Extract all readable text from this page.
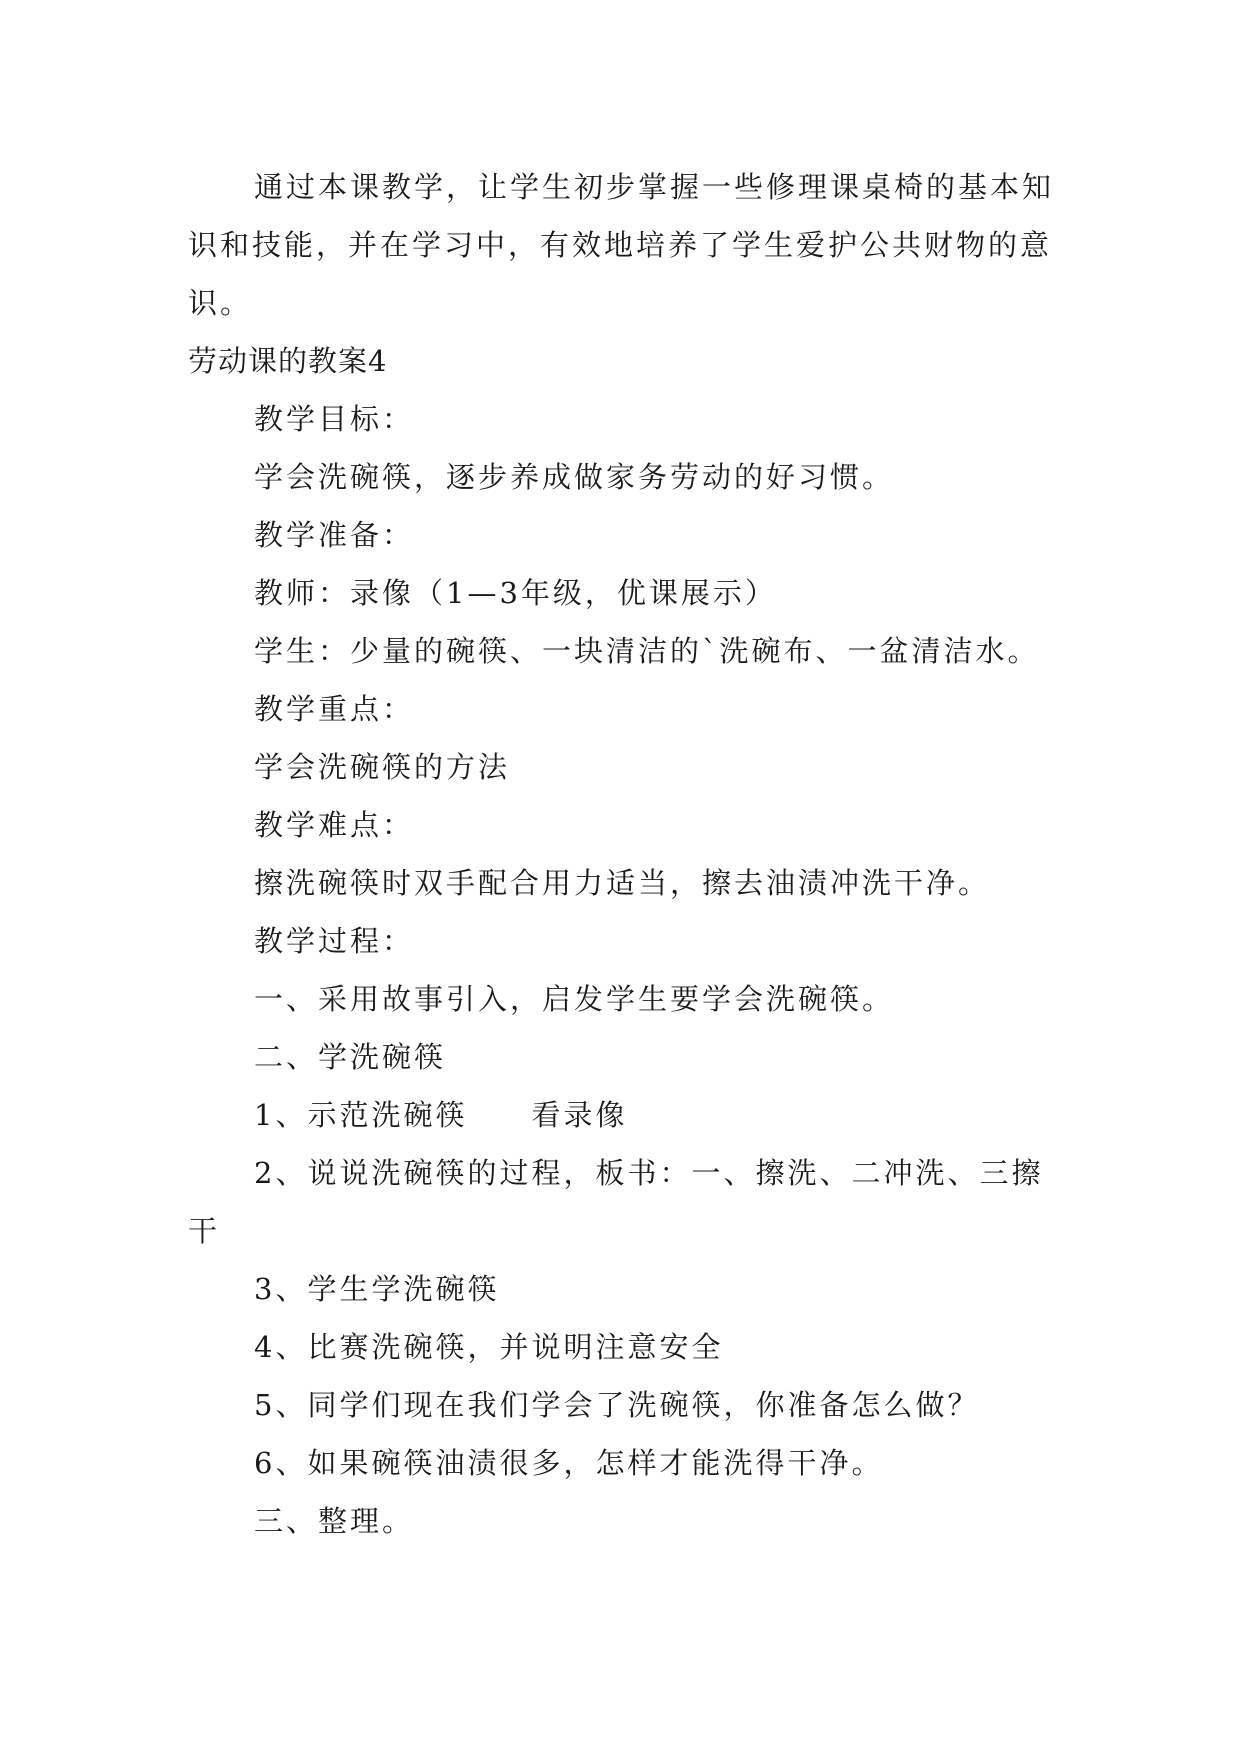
通过本课教学，让学生初步掌握一些修理课桌椅的基本知识和技能，并在学习中，有效地培养了学生爱护公共财物的意识。

劳动课的教案4

教学目标：

学会洗碗筷，逐步养成做家务劳动的好习惯。

教学准备：

教师：录像（1—3年级，优课展示）

学生：少量的碗筷、一块清洁的`洗碗布、一盆清洁水。

教学重点：

学会洗碗筷的方法

教学难点：

擦洗碗筷时双手配合用力适当，擦去油渍冲洗干净。

教学过程：

一、采用故事引入，启发学生要学会洗碗筷。

二、学洗碗筷

1、示范洗碗筷　　看录像

2、说说洗碗筷的过程，板书：一、擦洗、二冲洗、三擦干

3、学生学洗碗筷

4、比赛洗碗筷，并说明注意安全

5、同学们现在我们学会了洗碗筷，你准备怎么做？

6、如果碗筷油渍很多，怎样才能洗得干净。

三、整理。
